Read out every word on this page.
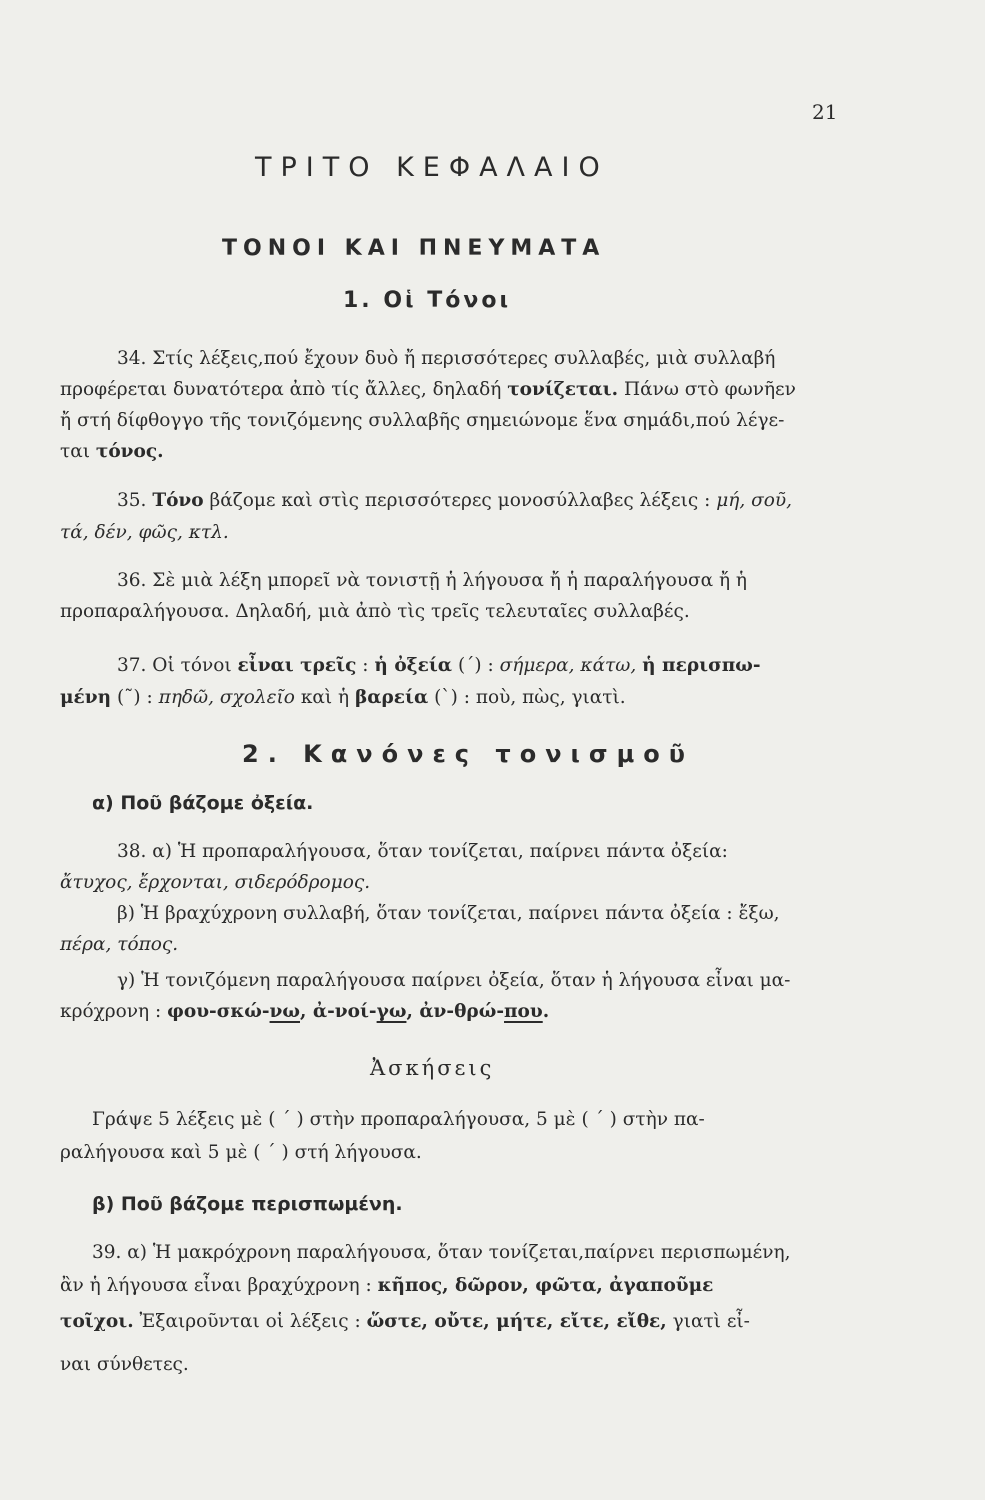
21
ΤΡΙΤΟ ΚΕΦΑΛΑΙΟ
ΤΟΝΟΙ ΚΑΙ ΠΝΕΥΜΑΤΑ
1. Οἱ Τόνοι
34. Στίς λέξεις,πού ἔχουν δυὸ ἤ περισσότερες συλλαβές, μιὰ συλλαβή
προφέρεται δυνατότερα ἀπὸ τίς ἄλλες, δηλαδή τονίζεται. Πάνω στὸ φωνῆεν
ἤ στή δίφθογγο τῆς τονιζόμενης συλλαβῆς σημειώνομε ἕνα σημάδι,πού λέγε-
ται τόνος.
35. Τόνο βάζομε καὶ στὶς περισσότερες μονοσύλλαβες λέξεις : μή, σοῦ,
τά, δέν, φῶς, κτλ.
36. Σὲ μιὰ λέξη μπορεῖ νὰ τονιστῇ ἡ λήγουσα ἤ ἡ παραλήγουσα ἤ ἡ
προπαραλήγουσα. Δηλαδή, μιὰ ἀπὸ τὶς τρεῖς τελευταῖες συλλαβές.
37. Οἱ τόνοι εἶναι τρεῖς : ἡ ὀξεία (΄) : σήμερα, κάτω, ἡ περισπω-
μένη (῀) : πηδῶ, σχολεῖο καὶ ἡ βαρεία (`) : ποὺ, πὼς, γιατὶ.
2. Κανόνες τονισμοῦ
α) Ποῦ βάζομε ὀξεία.
38. α) Ἡ προπαραλήγουσα, ὅταν τονίζεται, παίρνει πάντα ὀξεία:
ἄτυχος, ἔρχονται, σιδερόδρομος.
β) Ἡ βραχύχρονη συλλαβή, ὅταν τονίζεται, παίρνει πάντα ὀξεία : ἔξω,
πέρα, τόπος.
γ) Ἡ τονιζόμενη παραλήγουσα παίρνει ὀξεία, ὅταν ἡ λήγουσα εἶναι μα-
κρόχρονη : φου-σκώ-νω, ἀ-νοί-γω, ἀν-θρώ-που.
Ἀσκήσεις
Γράψε 5 λέξεις μὲ ( ΄ ) στὴν προπαραλήγουσα, 5 μὲ ( ΄ ) στὴν πα-
ραλήγουσα καὶ 5 μὲ ( ΄ ) στή λήγουσα.
β) Ποῦ βάζομε περισπωμένη.
39. α) Ἡ μακρόχρονη παραλήγουσα, ὅταν τονίζεται,παίρνει περισπωμένη,
ἂν ἡ λήγουσα εἶναι βραχύχρονη : κῆπος, δῶρον, φῶτα, ἀγαποῦμε
τοῖχοι. Ἐξαιροῦνται οἱ λέξεις : ὥστε, οὔτε, μήτε, εἴτε, εἴθε, γιατὶ εἶ-
ναι σύνθετες.
